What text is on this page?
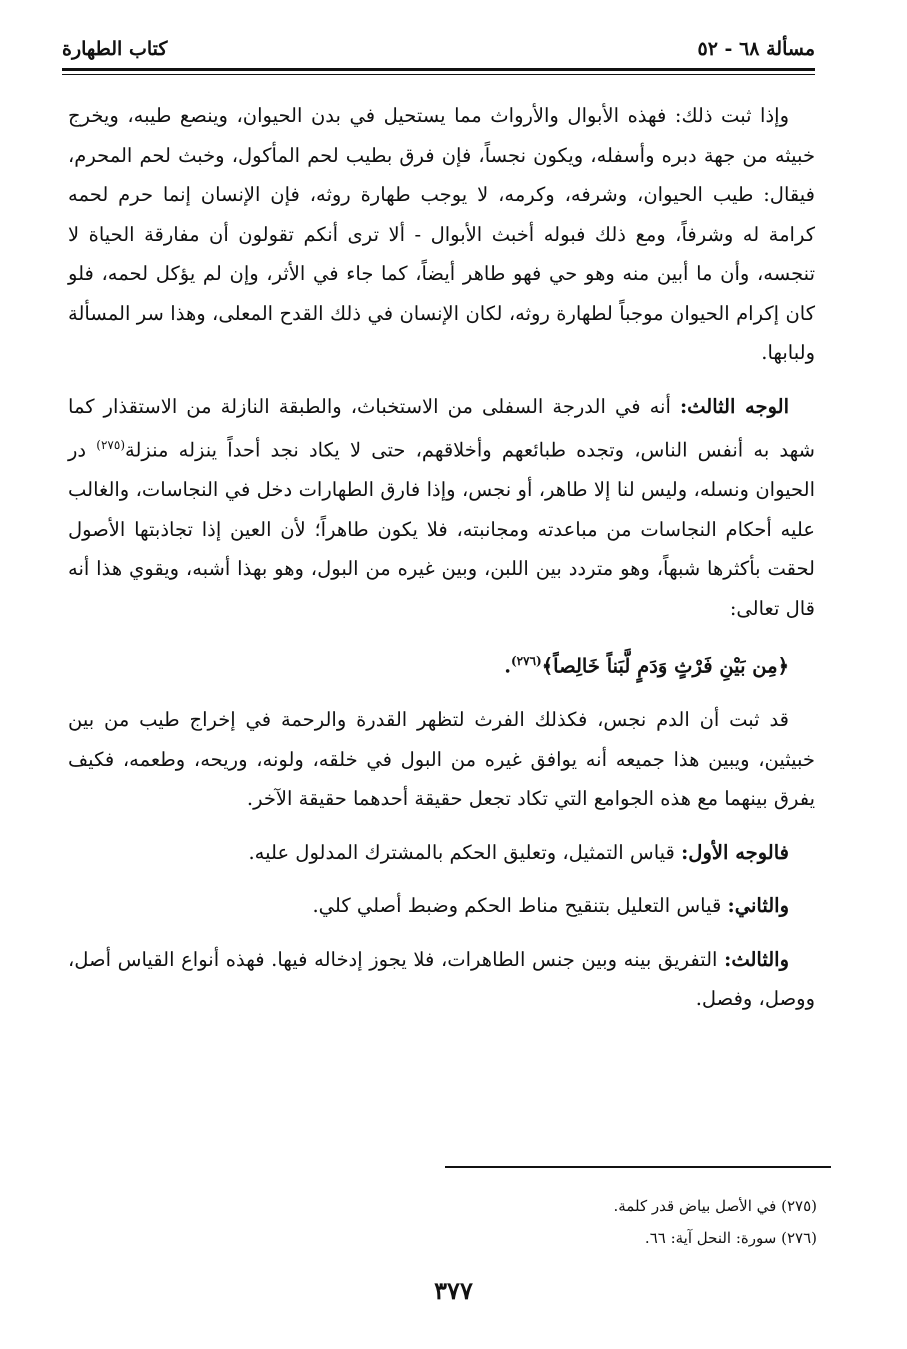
مسألة ٦٨ - ٥٢
كتاب الطهارة

وإذا ثبت ذلك: فهذه الأبوال والأرواث مما يستحيل في بدن الحيوان، وينصع طيبه، ويخرج خبيثه من جهة دبره وأسفله، ويكون نجساً، فإن فرق بطيب لحم المأكول، وخبث لحم المحرم، فيقال: طيب الحيوان، وشرفه، وكرمه، لا يوجب طهارة روثه، فإن الإنسان إنما حرم لحمه كرامة له وشرفاً، ومع ذلك فبوله أخبث الأبوال - ألا ترى أنكم تقولون أن مفارقة الحياة لا تنجسه، وأن ما أبين منه وهو حي فهو طاهر أيضاً، كما جاء في الأثر، وإن لم يؤكل لحمه، فلو كان إكرام الحيوان موجباً لطهارة روثه، لكان الإنسان في ذلك القدح المعلى، وهذا سر المسألة ولبابها.

الوجه الثالث: أنه في الدرجة السفلى من الاستخباث، والطبقة النازلة من الاستقذار كما شهد به أنفس الناس، وتجده طبائعهم وأخلاقهم، حتى لا يكاد نجد أحداً ينزله منزلة$^{(٢٧٥)}$ در الحيوان ونسله، وليس لنا إلا طاهر، أو نجس، وإذا فارق الطهارات دخل في النجاسات، والغالب عليه أحكام النجاسات من مباعدته ومجانبته، فلا يكون طاهراً؛ لأن العين إذا تجاذبتها الأصول لحقت بأكثرها شبهاً، وهو متردد بين اللبن، وبين غيره من البول، وهو بهذا أشبه، ويقوي هذا أنه قال تعالى:

﴿مِن بَيْنِ فَرْثٍ وَدَمٍ لَّبَناً خَالِصاً﴾$^{(٢٧٦)}$.

قد ثبت أن الدم نجس، فكذلك الفرث لتظهر القدرة والرحمة في إخراج طيب من بين خبيثين، ويبين هذا جميعه أنه يوافق غيره من البول في خلقه، ولونه، وريحه، وطعمه، فكيف يفرق بينهما مع هذه الجوامع التي تكاد تجعل حقيقة أحدهما حقيقة الآخر.

فالوجه الأول: قياس التمثيل، وتعليق الحكم بالمشترك المدلول عليه.

والثاني: قياس التعليل بتنقيح مناط الحكم وضبط أصلي كلي.

والثالث: التفريق بينه وبين جنس الطاهرات، فلا يجوز إدخاله فيها. فهذه أنواع القياس أصل، ووصل، وفصل.

(٢٧٥) في الأصل بياض قدر كلمة.

(٢٧٦) سورة: النحل آية: ٦٦.

٣٧٧
